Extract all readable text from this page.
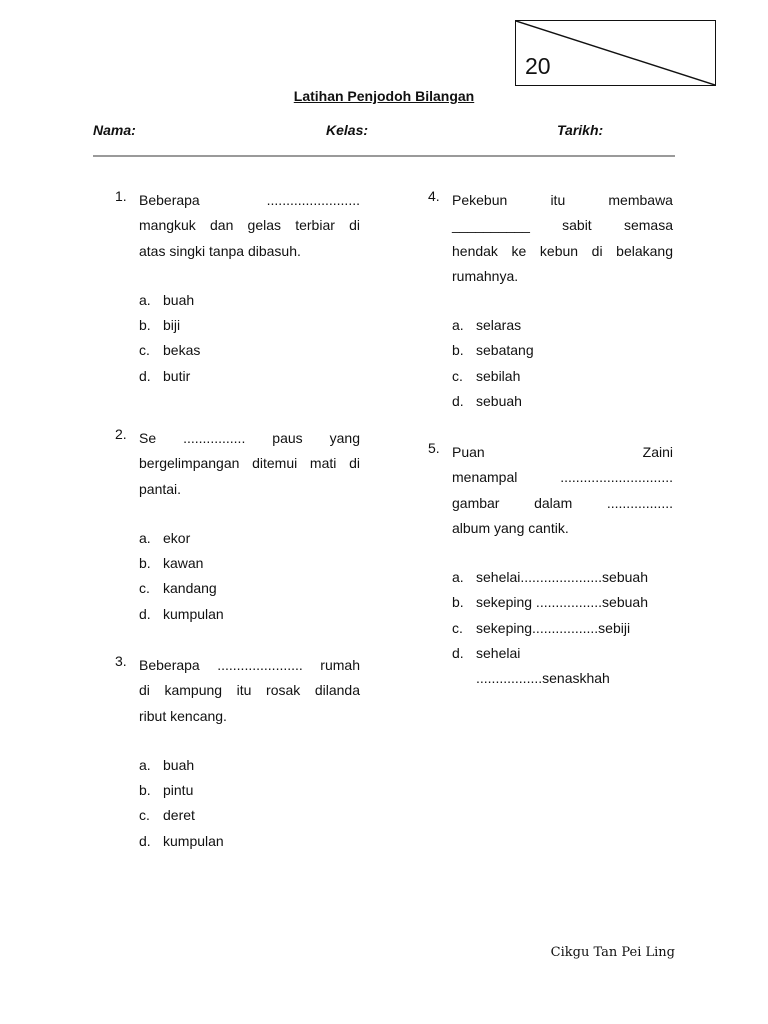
20
Latihan Penjodoh Bilangan
Nama:	Kelas:	Tarikh:
1. Beberapa	........................
mangkuk dan gelas terbiar di
atas singki tanpa dibasuh.
a. buah
b. biji
c. bekas
d. butir
2. Se ................ paus yang
bergelimpangan ditemui mati di
pantai.
a. ekor
b. kawan
c. kandang
d. kumpulan
3. Beberapa ...................... rumah
di kampung itu rosak dilanda
ribut kencang.
a. buah
b. pintu
c. deret
d. kumpulan
4. Pekebun	itu	membawa
__________ sabit semasa
hendak ke kebun di belakang
rumahnya.
a. selaras
b. sebatang
c. sebilah
d. sebuah
5. Puan	Zaini
menampal	.............................
gambar dalam .................
album yang cantik.
a. sehelai.....................sebuah
b. sekeping .................sebuah
c. sekeping.................sebiji
d. sehelai
.................senaskhah
Cikgu Tan Pei Ling
